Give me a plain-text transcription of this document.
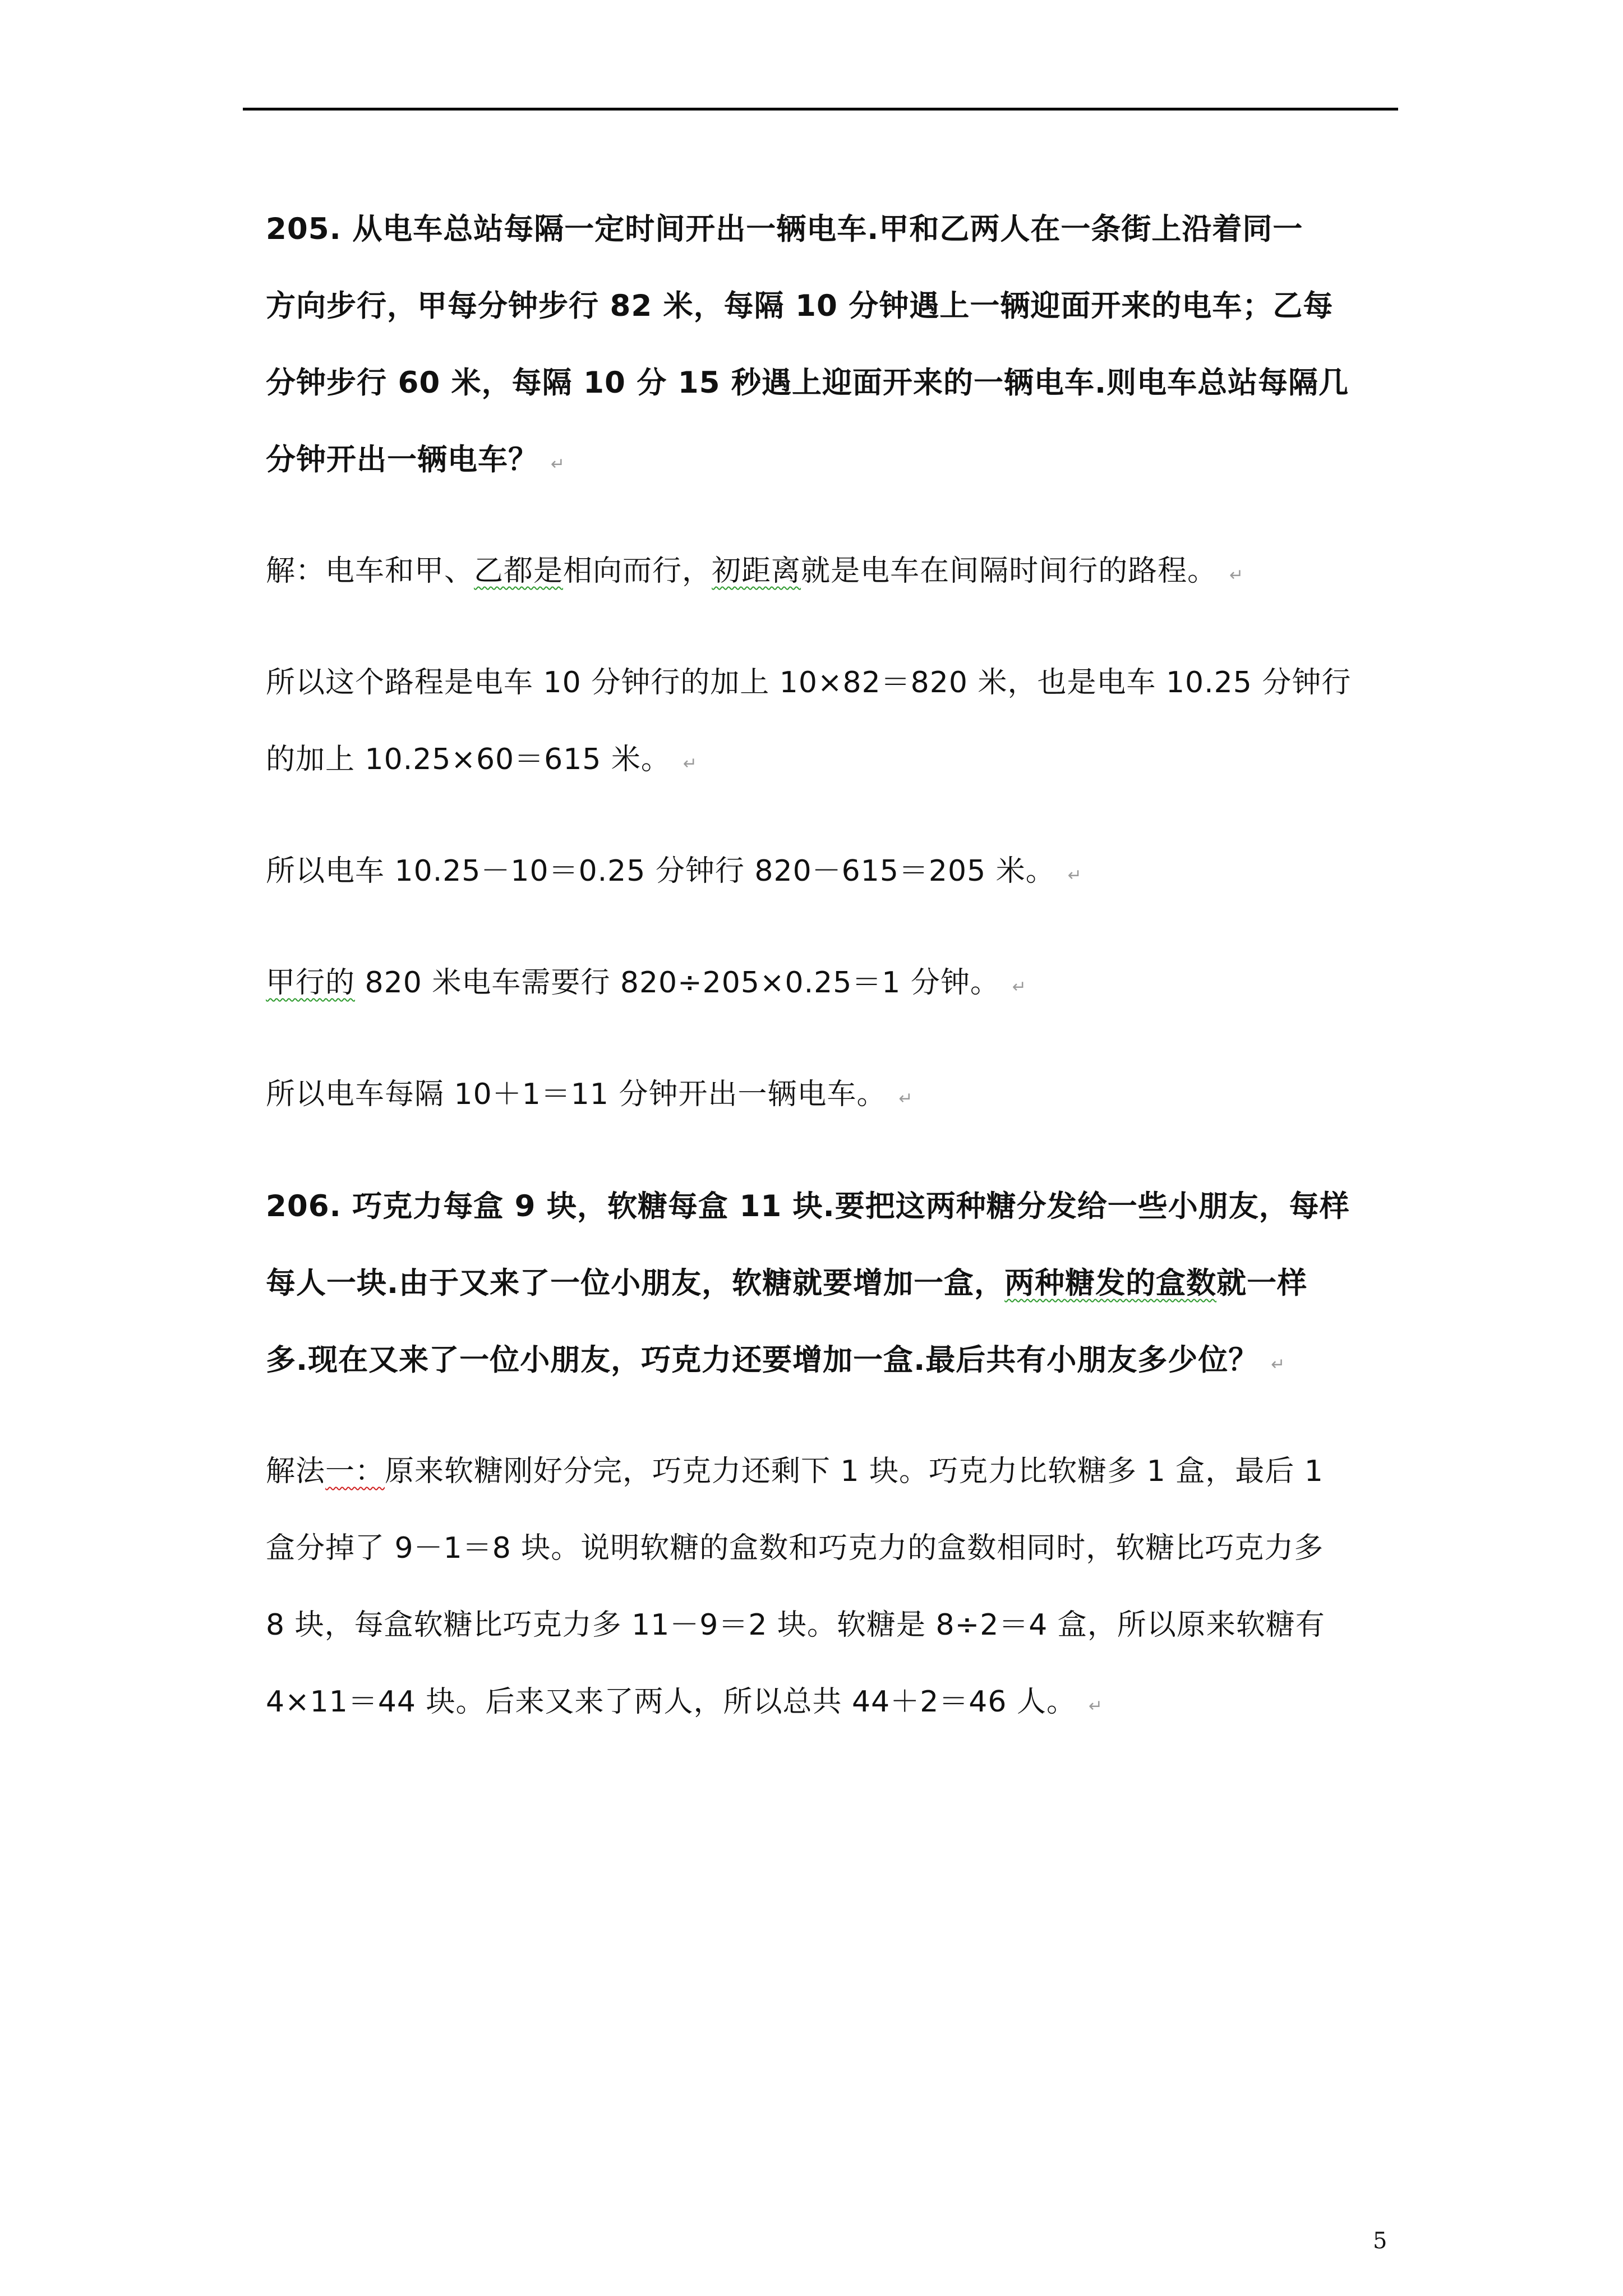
205. 从电车总站每隔一定时间开出一辆电车.甲和乙两人在一条街上沿着同一
方向步行，甲每分钟步行 82 米，每隔 10 分钟遇上一辆迎面开来的电车；乙每
分钟步行 60 米，每隔 10 分 15 秒遇上迎面开来的一辆电车.则电车总站每隔几
分钟开出一辆电车？ ↵
解：电车和甲、乙都是相向而行，初距离就是电车在间隔时间行的路程。 ↵
所以这个路程是电车 10 分钟行的加上 10×82＝820 米，也是电车 10.25 分钟行
的加上 10.25×60＝615 米。 ↵
所以电车 10.25－10＝0.25 分钟行 820－615＝205 米。 ↵
甲行的 820 米电车需要行 820÷205×0.25＝1 分钟。 ↵
所以电车每隔 10＋1＝11 分钟开出一辆电车。 ↵
206. 巧克力每盒 9 块，软糖每盒 11 块.要把这两种糖分发给一些小朋友，每样
每人一块.由于又来了一位小朋友，软糖就要增加一盒，两种糖发的盒数就一样
多.现在又来了一位小朋友，巧克力还要增加一盒.最后共有小朋友多少位？ ↵
解法一：原来软糖刚好分完，巧克力还剩下 1 块。巧克力比软糖多 1 盒，最后 1
盒分掉了 9－1＝8 块。说明软糖的盒数和巧克力的盒数相同时，软糖比巧克力多
8 块，每盒软糖比巧克力多 11－9＝2 块。软糖是 8÷2＝4 盒，所以原来软糖有
4×11＝44 块。后来又来了两人，所以总共 44＋2＝46 人。 ↵
5
